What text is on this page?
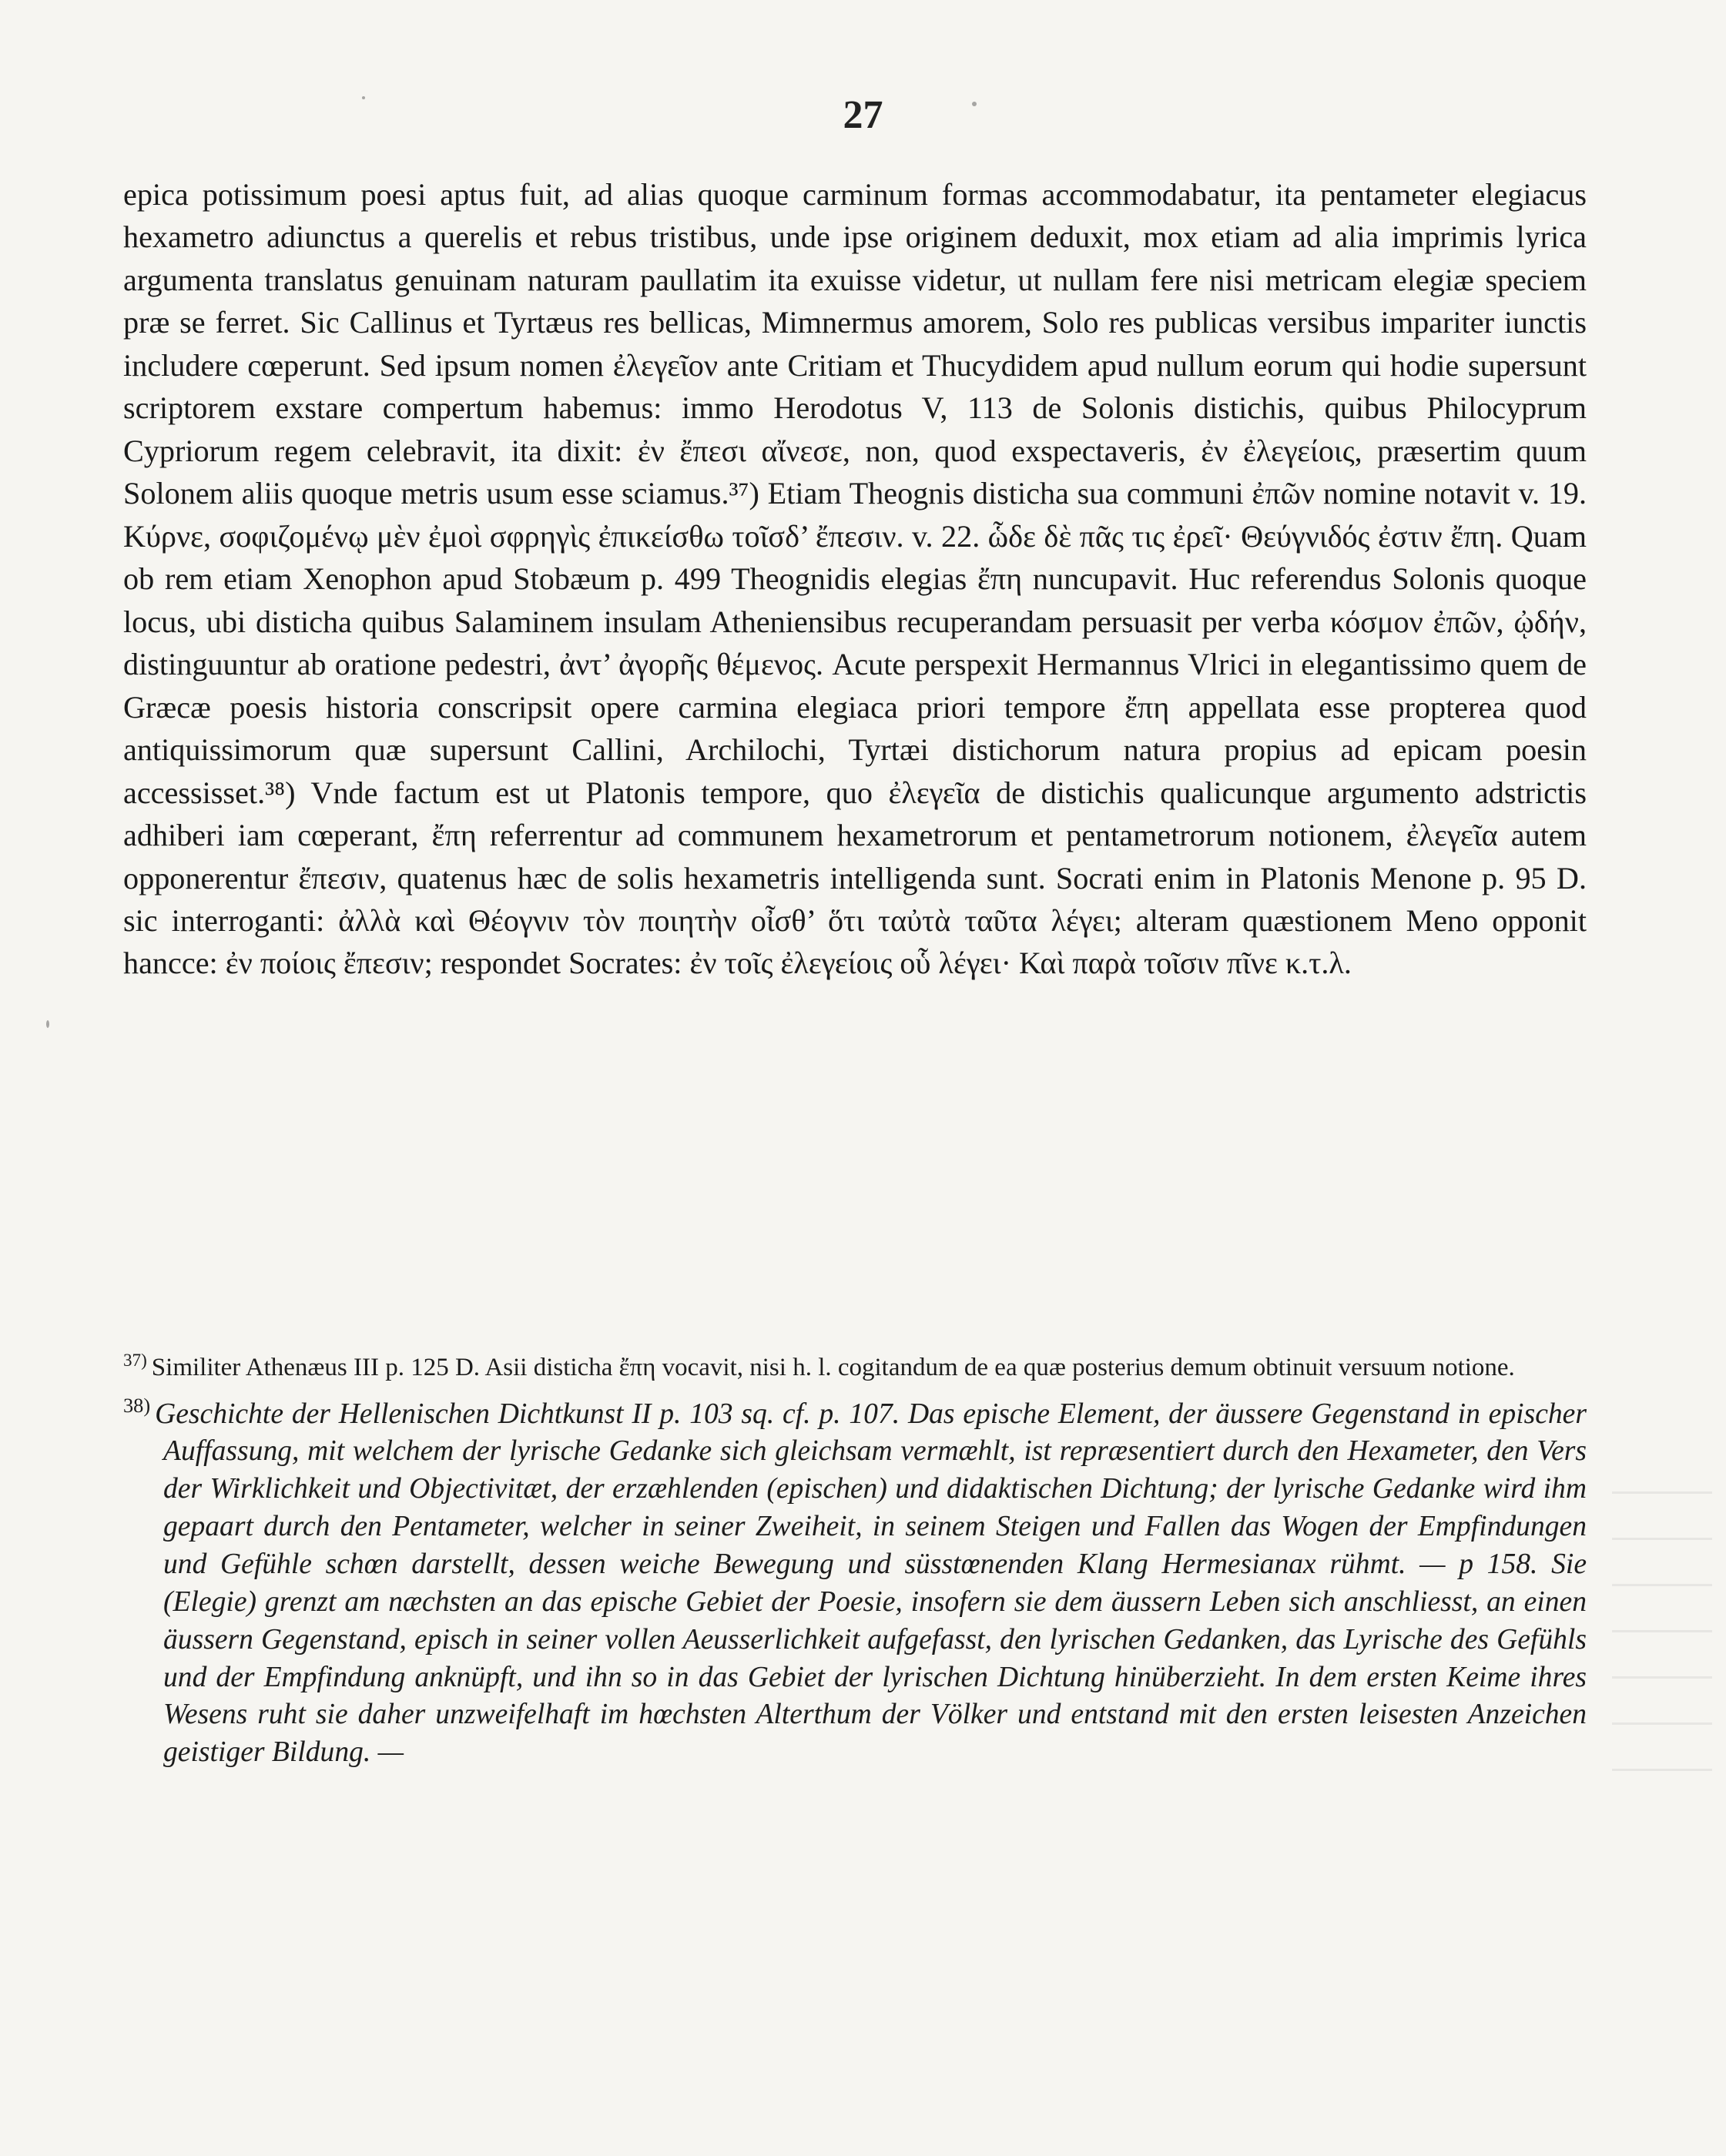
27

epica potissimum poesi aptus fuit, ad alias quoque carminum formas accommodabatur, ita pentameter elegiacus hexametro adiunctus a querelis et rebus tristibus, unde ipse originem deduxit, mox etiam ad alia imprimis lyrica argumenta translatus genuinam naturam paullatim ita exuisse videtur, ut nullam fere nisi metricam elegiæ speciem præ se ferret. Sic Callinus et Tyrtæus res bellicas, Mimnermus amorem, Solo res publicas versibus impariter iunctis includere cœperunt. Sed ipsum nomen ἐλεγεῖον ante Critiam et Thucydidem apud nullum eorum qui hodie supersunt scriptorem exstare compertum habemus: immo Herodotus V, 113 de Solonis distichis, quibus Philocyprum Cypriorum regem celebravit, ita dixit: ἐν ἔπεσι αἴνεσε, non, quod exspectaveris, ἐν ἐλεγείοις, præsertim quum Solonem aliis quoque metris usum esse sciamus.³⁷) Etiam Theognis disticha sua communi ἐπῶν nomine notavit v. 19. Κύρνε, σοφιζομένῳ μὲν ἐμοὶ σφρηγὶς ἐπικείσθω τοῖσδ’ ἔπεσιν. v. 22. ὧδε δὲ πᾶς τις ἐρεῖ· Θεύγνιδός ἐστιν ἔπη. Quam ob rem etiam Xenophon apud Stobæum p. 499 Theognidis elegias ἔπη nuncupavit. Huc referendus Solonis quoque locus, ubi disticha quibus Salaminem insulam Atheniensibus recuperandam persuasit per verba κόσμον ἐπῶν, ᾠδήν, distinguuntur ab oratione pedestri, ἀντ’ ἀγορῆς θέμενος. Acute perspexit Hermannus Vlrici in elegantissimo quem de Græcæ poesis historia conscripsit opere carmina elegiaca priori tempore ἔπη appellata esse propterea quod antiquissimorum quæ supersunt Callini, Archilochi, Tyrtæi distichorum natura propius ad epicam poesin accessisset.³⁸) Vnde factum est ut Platonis tempore, quo ἐλεγεῖα de distichis qualicunque argumento adstrictis adhiberi iam cœperant, ἔπη referrentur ad communem hexametrorum et pentametrorum notionem, ἐλεγεῖα autem opponerentur ἔπεσιν, quatenus hæc de solis hexametris intelligenda sunt. Socrati enim in Platonis Menone p. 95 D. sic interroganti: ἀλλὰ καὶ Θέογνιν τὸν ποιητὴν οἶσθ’ ὅτι ταὐτὰ ταῦτα λέγει; alteram quæstionem Meno opponit hancce: ἐν ποίοις ἔπεσιν; respondet Socrates: ἐν τοῖς ἐλεγείοις οὗ λέγει· Καὶ παρὰ τοῖσιν πῖνε κ.τ.λ.

$^{37)}$ Similiter Athenæus III p. 125 D. Asii disticha ἔπη vocavit, nisi h. l. cogitandum de ea quæ posterius demum obtinuit versuum notione.

$^{38)}$ Geschichte der Hellenischen Dichtkunst II p. 103 sq. cf. p. 107. Das epische Element, der äussere Gegenstand in epischer Auffassung, mit welchem der lyrische Gedanke sich gleichsam vermæhlt, ist repræsentiert durch den Hexameter, den Vers der Wirklichkeit und Objectivitæt, der erzæhlenden (epischen) und didaktischen Dichtung; der lyrische Gedanke wird ihm gepaart durch den Pentameter, welcher in seiner Zweiheit, in seinem Steigen und Fallen das Wogen der Empfindungen und Gefühle schœn darstellt, dessen weiche Bewegung und süsstœnenden Klang Hermesianax rühmt. — p 158. Sie (Elegie) grenzt am næchsten an das epische Gebiet der Poesie, insofern sie dem äussern Leben sich anschliesst, an einen äussern Gegenstand, episch in seiner vollen Aeusserlichkeit aufgefasst, den lyrischen Gedanken, das Lyrische des Gefühls und der Empfindung anknüpft, und ihn so in das Gebiet der lyrischen Dichtung hinüberzieht. In dem ersten Keime ihres Wesens ruht sie daher unzweifelhaft im hœchsten Alterthum der Völker und entstand mit den ersten leisesten Anzeichen geistiger Bildung. —
